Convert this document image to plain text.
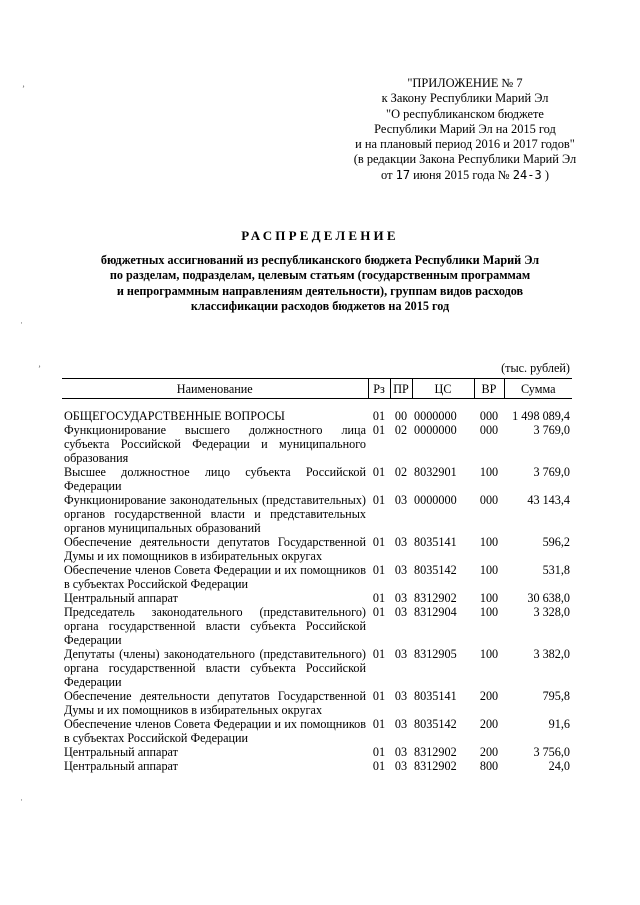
"ПРИЛОЖЕНИЕ № 7
к Закону Республики Марий Эл
"О республиканском бюджете
Республики Марий Эл на 2015 год
и на плановый период 2016 и 2017 годов"
(в редакции Закона Республики Марий Эл
от 17 июня 2015 года № 24-З )
РАСПРЕДЕЛЕНИЕ
бюджетных ассигнований из республиканского бюджета Республики Марий Эл
по разделам, подразделам, целевым статьям (государственным программам
и непрограммным направлениям деятельности), группам видов расходов
классификации расходов бюджетов на 2015 год
(тыс. рублей)
Наименование	Рз	ПР	ЦС	ВР	Сумма

ОБЩЕГОСУДАРСТВЕННЫЕ ВОПРОСЫ	01	00	0000000	000	1 498 089,4
Функционирование высшего должностного лица субъекта Российской Федерации и муниципального образования	01	02	0000000	000	3 769,0
Высшее должностное лицо субъекта Российской Федерации	01	02	8032901	100	3 769,0
Функционирование законодательных (представительных) органов государственной власти и представительных органов муниципальных образований	01	03	0000000	000	43 143,4
Обеспечение деятельности депутатов Государственной Думы и их помощников в избирательных округах	01	03	8035141	100	596,2
Обеспечение членов Совета Федерации и их помощников в субъектах Российской Федерации	01	03	8035142	100	531,8
Центральный аппарат	01	03	8312902	100	30 638,0
Председатель законодательного (представительного) органа государственной власти субъекта Российской Федерации	01	03	8312904	100	3 328,0
Депутаты (члены) законодательного (представительного) органа государственной власти субъекта Российской Федерации	01	03	8312905	100	3 382,0
Обеспечение деятельности депутатов Государственной Думы и их помощников в избирательных округах	01	03	8035141	200	795,8
Обеспечение членов Совета Федерации и их помощников в субъектах Российской Федерации	01	03	8035142	200	91,6
Центральный аппарат	01	03	8312902	200	3 756,0
Центральный аппарат	01	03	8312902	800	24,0
’
·
’
·
